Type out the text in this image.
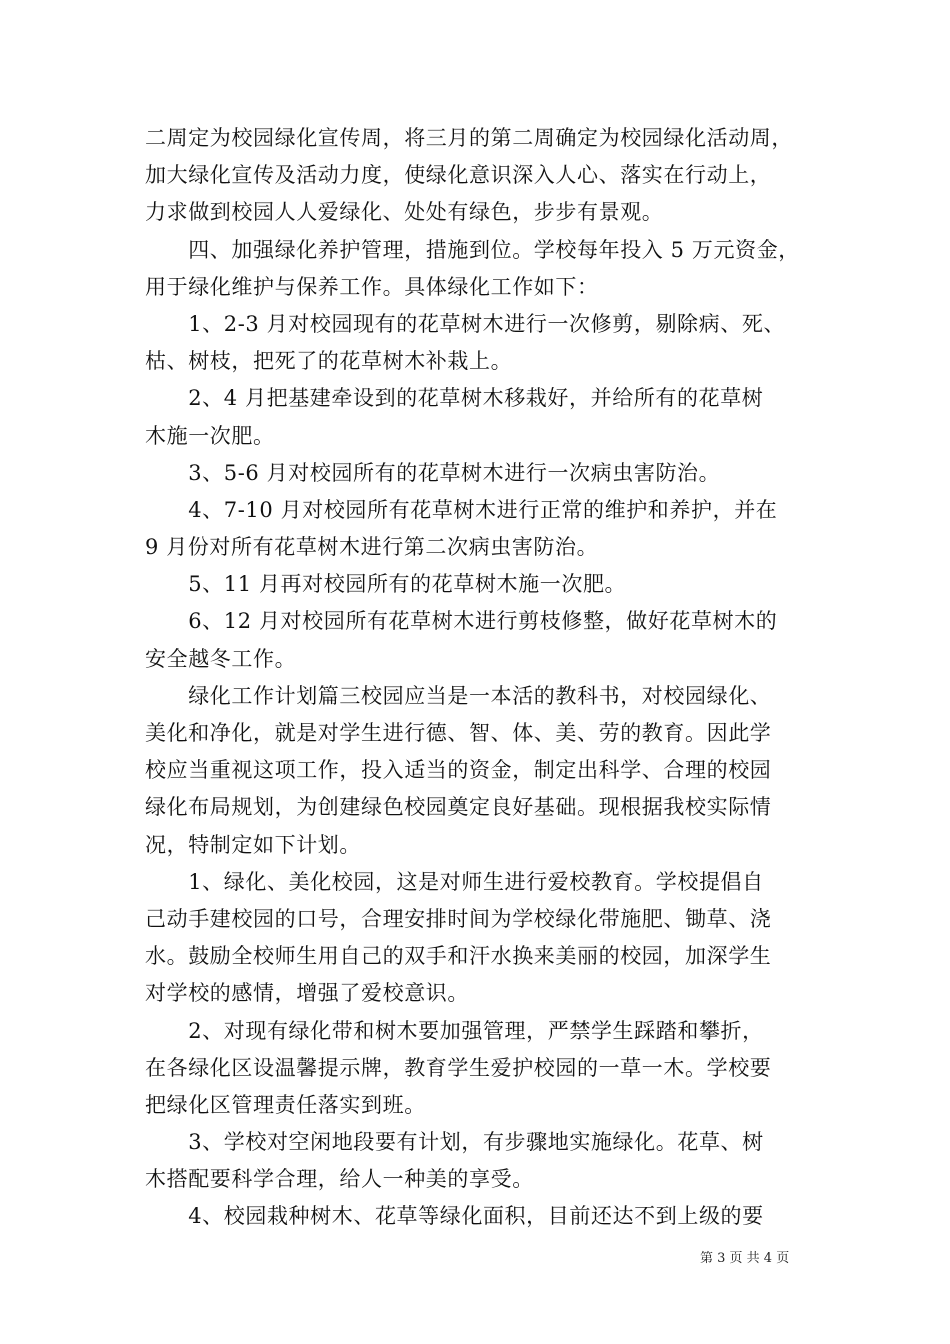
二周定为校园绿化宣传周，将三月的第二周确定为校园绿化活动周，
加大绿化宣传及活动力度，使绿化意识深入人心、落实在行动上，
力求做到校园人人爱绿化、处处有绿色，步步有景观。
　　四、加强绿化养护管理，措施到位。学校每年投入 5 万元资金，
用于绿化维护与保养工作。具体绿化工作如下：
　　1、2-3 月对校园现有的花草树木进行一次修剪，剔除病、死、
枯、树枝，把死了的花草树木补栽上。
　　2、4 月把基建牵设到的花草树木移栽好，并给所有的花草树
木施一次肥。
　　3、5-6 月对校园所有的花草树木进行一次病虫害防治。
　　4、7-10 月对校园所有花草树木进行正常的维护和养护，并在
9 月份对所有花草树木进行第二次病虫害防治。
　　5、11 月再对校园所有的花草树木施一次肥。
　　6、12 月对校园所有花草树木进行剪枝修整，做好花草树木的
安全越冬工作。
　　绿化工作计划篇三校园应当是一本活的教科书，对校园绿化、
美化和净化，就是对学生进行德、智、体、美、劳的教育。因此学
校应当重视这项工作，投入适当的资金，制定出科学、合理的校园
绿化布局规划，为创建绿色校园奠定良好基础。现根据我校实际情
况，特制定如下计划。
　　1、绿化、美化校园，这是对师生进行爱校教育。学校提倡自
己动手建校园的口号，合理安排时间为学校绿化带施肥、锄草、浇
水。鼓励全校师生用自己的双手和汗水换来美丽的校园，加深学生
对学校的感情，增强了爱校意识。
　　2、对现有绿化带和树木要加强管理，严禁学生踩踏和攀折，
在各绿化区设温馨提示牌，教育学生爱护校园的一草一木。学校要
把绿化区管理责任落实到班。
　　3、学校对空闲地段要有计划，有步骤地实施绿化。花草、树
木搭配要科学合理，给人一种美的享受。
　　4、校园栽种树木、花草等绿化面积，目前还达不到上级的要
第 3 页 共 4 页
